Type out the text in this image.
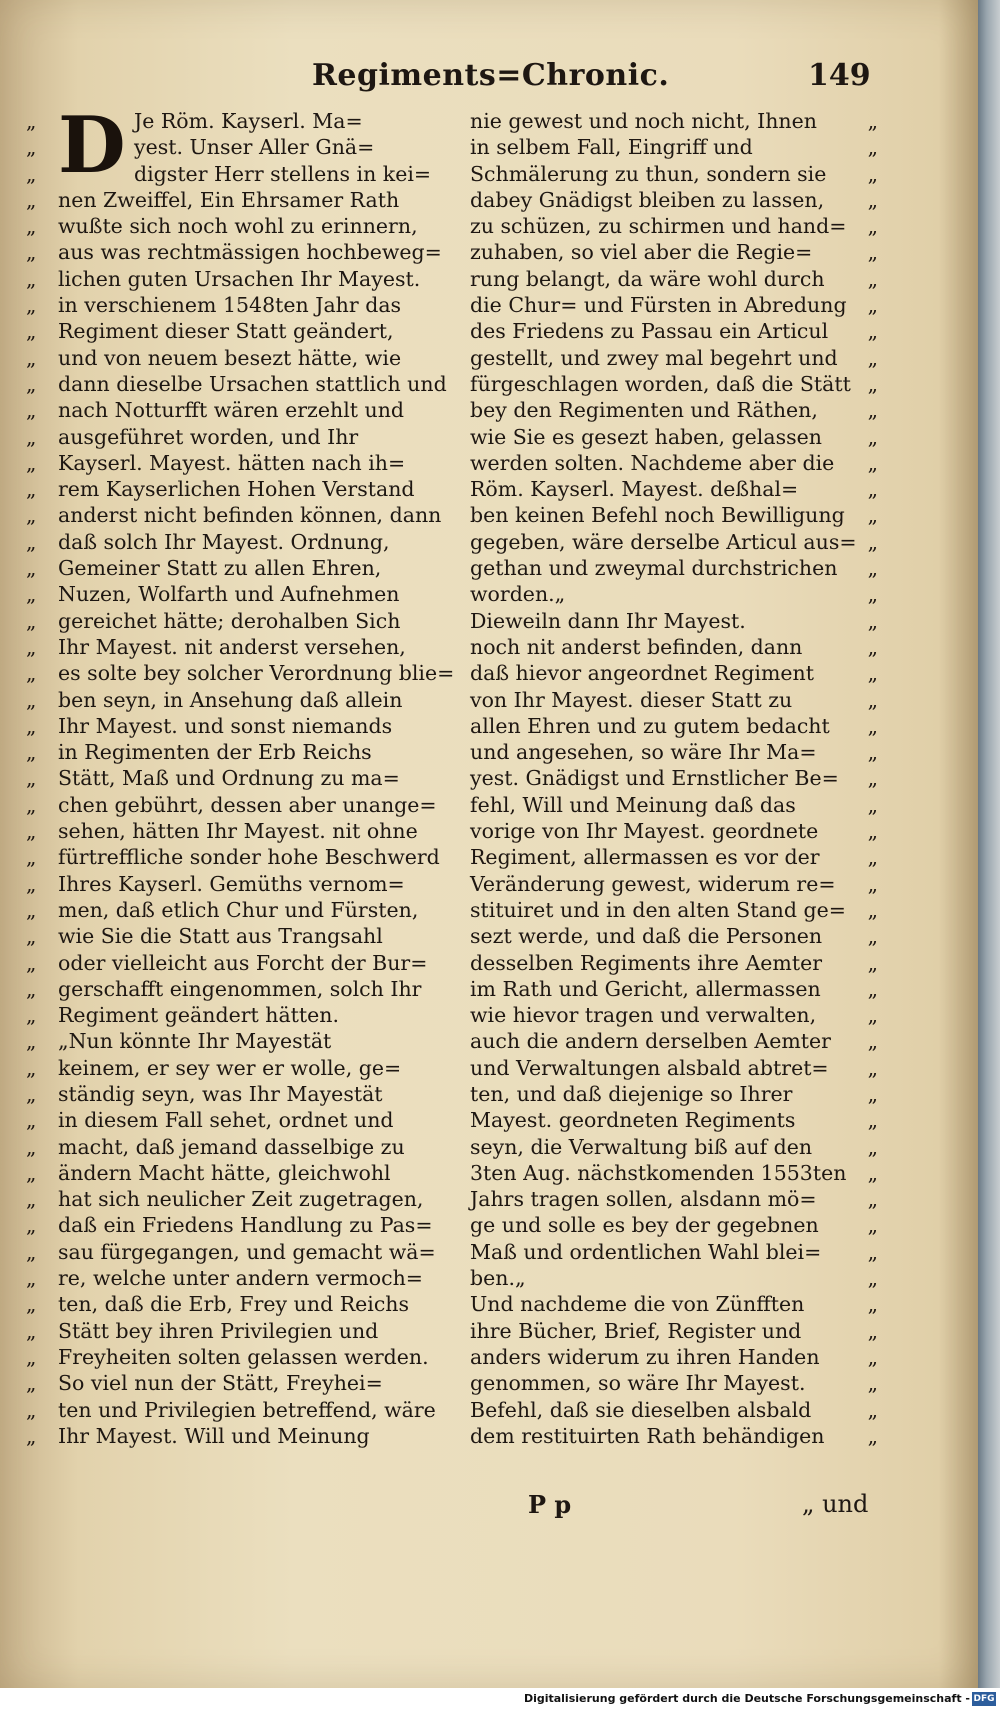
Regiments=Chronic.	149
D
„	Je Röm. Kayserl. Ma=
„	yest. Unser Aller Gnä=
„	digster Herr stellens in kei=
„ nen Zweiffel, Ein Ehrsamer Rath
„ wußte sich noch wohl zu erinnern,
„ aus was rechtmässigen hochbeweg=
„ lichen guten Ursachen Ihr Mayest.
„ in verschienem 1548ten Jahr das
„ Regiment dieser Statt geändert,
„ und von neuem besezt hätte, wie
„ dann dieselbe Ursachen stattlich und
„ nach Notturfft wären erzehlt und
„ ausgeführet worden, und Ihr
„ Kayserl. Mayest. hätten nach ih=
„ rem Kayserlichen Hohen Verstand
„ anderst nicht befinden können, dann
„ daß solch Ihr Mayest. Ordnung,
„ Gemeiner Statt zu allen Ehren,
„ Nuzen, Wolfarth und Aufnehmen
„ gereichet hätte; derohalben Sich
„ Ihr Mayest. nit anderst versehen,
„ es solte bey solcher Verordnung blie=
„ ben seyn, in Ansehung daß allein
„ Ihr Mayest. und sonst niemands
„ in Regimenten der Erb Reichs
„ Stätt, Maß und Ordnung zu ma=
„ chen gebührt, dessen aber unange=
„ sehen, hätten Ihr Mayest. nit ohne
„ fürtreffliche sonder hohe Beschwerd
„ Ihres Kayserl. Gemüths vernom=
„ men, daß etlich Chur und Fürsten,
„ wie Sie die Statt aus Trangsahl
„ oder vielleicht aus Forcht der Bur=
„ gerschafft eingenommen, solch Ihr
„ Regiment geändert hätten.
„ „Nun könnte Ihr Mayestät
„ keinem, er sey wer er wolle, ge=
„ ständig seyn, was Ihr Mayestät
„ in diesem Fall sehet, ordnet und
„ macht, daß jemand dasselbige zu
„ ändern Macht hätte, gleichwohl
„ hat sich neulicher Zeit zugetragen,
„ daß ein Friedens Handlung zu Pas=
„ sau fürgegangen, und gemacht wä=
„ re, welche unter andern vermoch=
„ ten, daß die Erb, Frey und Reichs
„ Stätt bey ihren Privilegien und
„ Freyheiten solten gelassen werden.
„ So viel nun der Stätt, Freyhei=
„ ten und Privilegien betreffend, wäre
„ Ihr Mayest. Will und Meinung
„
nie gewest und noch nicht, Ihnen
„
in selbem Fall, Eingriff und
„
Schmälerung zu thun, sondern sie
„
dabey Gnädigst bleiben zu lassen,
„
zu schüzen, zu schirmen und hand=
„
zuhaben, so viel aber die Regie=
„
rung belangt, da wäre wohl durch
„
die Chur= und Fürsten in Abredung
„
des Friedens zu Passau ein Articul
„
gestellt, und zwey mal begehrt und
„
fürgeschlagen worden, daß die Stätt
„
bey den Regimenten und Räthen,
„
wie Sie es gesezt haben, gelassen
„
werden solten. Nachdeme aber die
„
Röm. Kayserl. Mayest. deßhal=
„
ben keinen Befehl noch Bewilligung
„
gegeben, wäre derselbe Articul aus=
„
gethan und zweymal durchstrichen
„
worden.„
„
Dieweiln dann Ihr Mayest.
„
noch nit anderst befinden, dann
„
daß hievor angeordnet Regiment
„
von Ihr Mayest. dieser Statt zu
„
allen Ehren und zu gutem bedacht
„
und angesehen, so wäre Ihr Ma=
„
yest. Gnädigst und Ernstlicher Be=
„
fehl, Will und Meinung daß das
„
vorige von Ihr Mayest. geordnete
„
Regiment, allermassen es vor der
„
Veränderung gewest, widerum re=
„
stituiret und in den alten Stand ge=
„
sezt werde, und daß die Personen
„
desselben Regiments ihre Aemter
„
im Rath und Gericht, allermassen
„
wie hievor tragen und verwalten,
„
auch die andern derselben Aemter
„
und Verwaltungen alsbald abtret=
„
ten, und daß diejenige so Ihrer
„
Mayest. geordneten Regiments
„
seyn, die Verwaltung biß auf den
„
3ten Aug. nächstkomenden 1553ten
„
Jahrs tragen sollen, alsdann mö=
„
ge und solle es bey der gegebnen
„
Maß und ordentlichen Wahl blei=
„
ben.„
„
Und nachdeme die von Zünfften
„
ihre Bücher, Brief, Register und
„
anders widerum zu ihren Handen
„
genommen, so wäre Ihr Mayest.
„
Befehl, daß sie dieselben alsbald
„
dem restituirten Rath behändigen
P p	„ und
Digitalisierung gefördert durch die Deutsche Forschungsgemeinschaft - DFG
